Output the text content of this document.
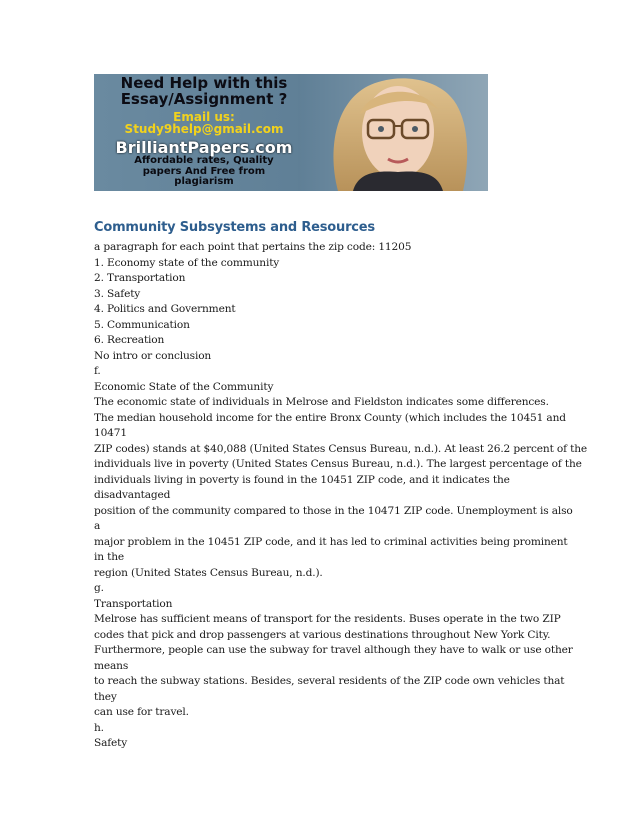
Need Help with this
Essay/Assignment ?
Email us:
Study9help@gmail.com
BrilliantPapers.com
Affordable rates, Quality
papers And Free from
plagiarism
Community Subsystems and Resources

a paragraph for each point that pertains the zip code: 11205

1. Economy state of the community

2. Transportation

3. Safety

4. Politics and Government

5. Communication

6. Recreation

No intro or conclusion

f.

Economic State of the Community

The economic state of individuals in Melrose and Fieldston indicates some differences.

The median household income for the entire Bronx County (which includes the 10451 and

10471

ZIP codes) stands at $40,088 (United States Census Bureau, n.d.). At least 26.2 percent of the

individuals live in poverty (United States Census Bureau, n.d.). The largest percentage of the

individuals living in poverty is found in the 10451 ZIP code, and it indicates the

disadvantaged

position of the community compared to those in the 10471 ZIP code. Unemployment is also

a

major problem in the 10451 ZIP code, and it has led to criminal activities being prominent

in the

region (United States Census Bureau, n.d.).

g.

Transportation

Melrose has sufficient means of transport for the residents. Buses operate in the two ZIP

codes that pick and drop passengers at various destinations throughout New York City.

Furthermore, people can use the subway for travel although they have to walk or use other

means

to reach the subway stations. Besides, several residents of the ZIP code own vehicles that

they

can use for travel.

h.

Safety
